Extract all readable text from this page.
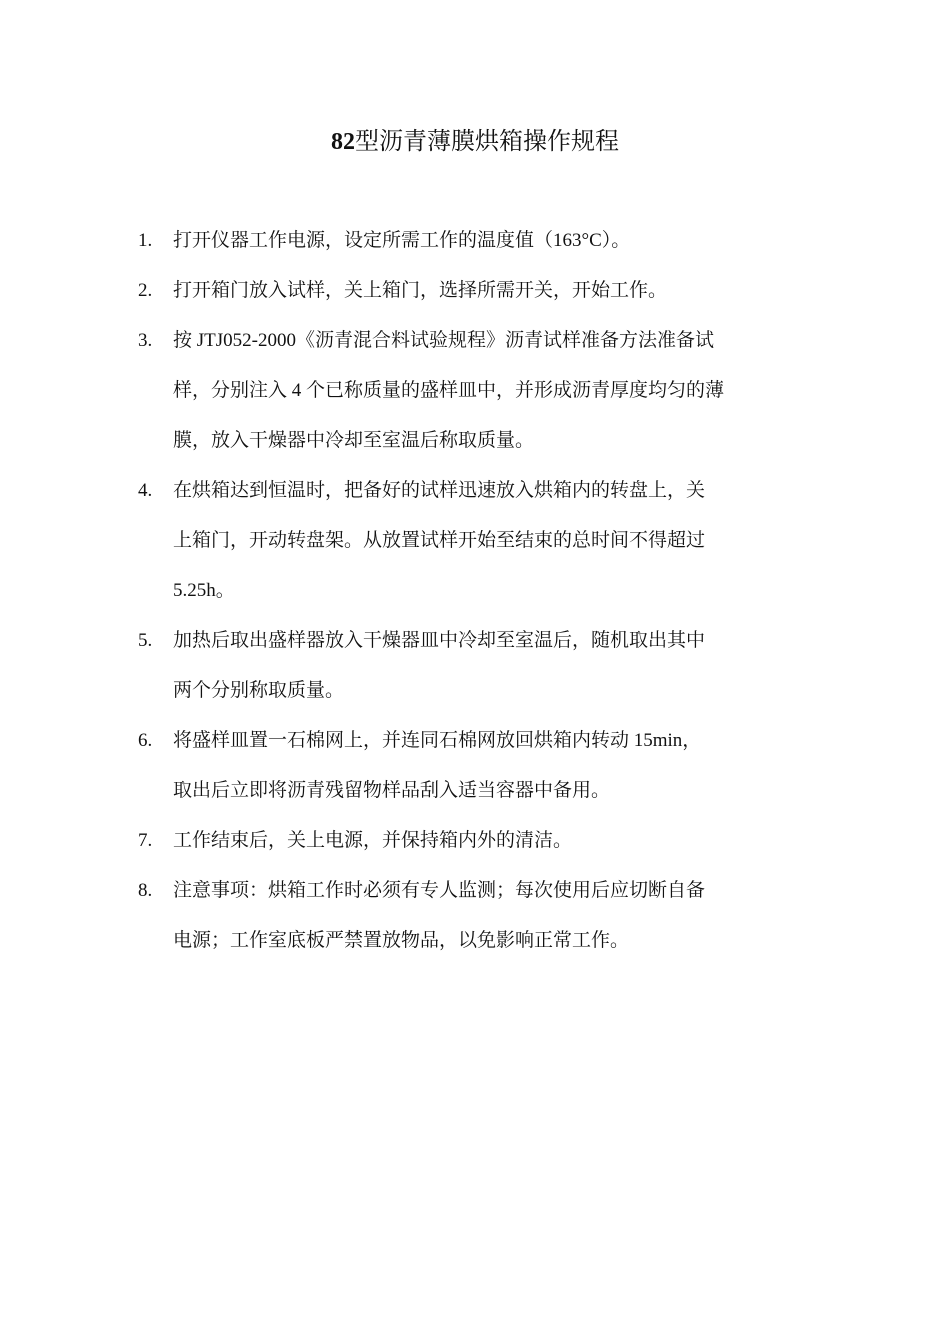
82型沥青薄膜烘箱操作规程
1.	打开仪器工作电源，设定所需工作的温度值（163°C）。
2.	打开箱门放入试样，关上箱门，选择所需开关，开始工作。
3.	按 JTJ052-2000《沥青混合料试验规程》沥青试样准备方法准备试
样，分别注入 4 个已称质量的盛样皿中，并形成沥青厚度均匀的薄
膜，放入干燥器中冷却至室温后称取质量。
4.	在烘箱达到恒温时，把备好的试样迅速放入烘箱内的转盘上，关
上箱门，开动转盘架。从放置试样开始至结束的总时间不得超过
5.25h。
5.	加热后取出盛样器放入干燥器皿中冷却至室温后，随机取出其中
两个分别称取质量。
6.	将盛样皿置一石棉网上，并连同石棉网放回烘箱内转动 15min，
取出后立即将沥青残留物样品刮入适当容器中备用。
7.	工作结束后，关上电源，并保持箱内外的清洁。
8.	注意事项：烘箱工作时必须有专人监测；每次使用后应切断自备
电源；工作室底板严禁置放物品，以免影响正常工作。
